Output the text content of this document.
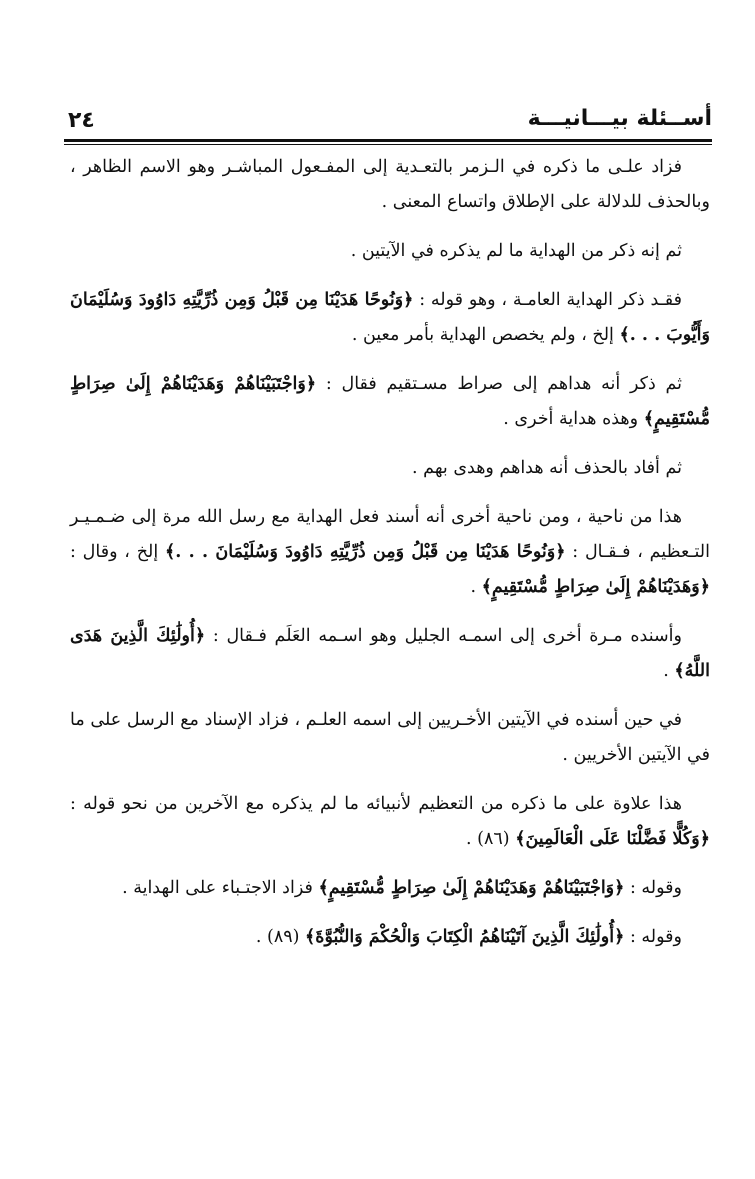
أســئلة بيـــانيـــة
٢٤

فزاد علـى ما ذكره في الـزمر بالتعـدية إلى المفـعول المباشـر وهو الاسم الظاهر ، وبالحذف للدلالة على الإطلاق واتساع المعنى .

ثم إنه ذكر من الهداية ما لم يذكره في الآيتين .

فقـد ذكر الهداية العامـة ، وهو قوله : ﴿وَنُوحًا هَدَيْنَا مِن قَبْلُ وَمِن ذُرِّيَّتِهِ دَاوُودَ وَسُلَيْمَانَ وَأَيُّوبَ . . .﴾ إلخ ، ولم يخصص الهداية بأمر معين .

ثم ذكر أنه هداهم إلى صراط مسـتقيم فقال : ﴿وَاجْتَبَيْنَاهُمْ وَهَدَيْنَاهُمْ إِلَىٰ صِرَاطٍ مُّسْتَقِيمٍ﴾ وهذه هداية أخرى .

ثم أفاد بالحذف أنه هداهم وهدى بهم .

هذا من ناحية ، ومن ناحية أخرى أنه أسند فعل الهداية مع رسل الله مرة إلى ضـمـيـر التـعظيم ، فـقـال : ﴿وَنُوحًا هَدَيْنَا مِن قَبْلُ وَمِن ذُرِّيَّتِهِ دَاوُودَ وَسُلَيْمَانَ . . .﴾ إلخ ، وقال : ﴿وَهَدَيْنَاهُمْ إِلَىٰ صِرَاطٍ مُّسْتَقِيمٍ﴾ .

وأسنده مـرة أخرى إلى اسمـه الجليل وهو اسـمه العَلَم فـقال : ﴿أُولَٰئِكَ الَّذِينَ هَدَى اللَّهُ﴾ .

في حين أسنده في الآيتين الأخـريين إلى اسمه العلـم ، فزاد الإسناد مع الرسل على ما في الآيتين الأخريين .

هذا علاوة على ما ذكره من التعظيم لأنبيائه ما لم يذكره مع الآخرين من نحو قوله : ﴿وَكُلًّا فَضَّلْنَا عَلَى الْعَالَمِينَ﴾ (٨٦) .

وقوله : ﴿وَاجْتَبَيْنَاهُمْ وَهَدَيْنَاهُمْ إِلَىٰ صِرَاطٍ مُّسْتَقِيمٍ﴾ فزاد الاجتـباء على الهداية .

وقوله : ﴿أُولَٰئِكَ الَّذِينَ آتَيْنَاهُمُ الْكِتَابَ وَالْحُكْمَ وَالنُّبُوَّةَ﴾ (٨٩) .
